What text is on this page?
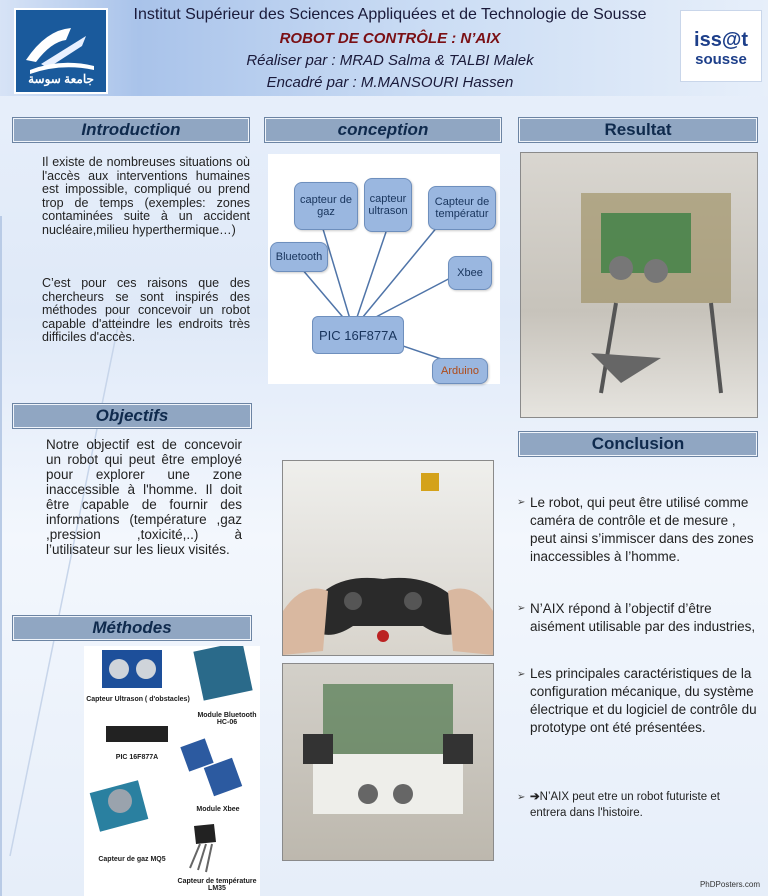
جامعة سوسة
Institut Supérieur des Sciences Appliquées et de Technologie de Sousse
ROBOT DE CONTRÔLE : N’AIX
Réaliser par : MRAD Salma & TALBI Malek
Encadré par : M.MANSOURI Hassen
iss@t
sousse
Introduction
Il existe de nombreuses situations où l'accès aux interventions humaines est impossible, compliqué ou prend trop de temps (exemples: zones contaminées suite à un accident nucléaire,milieu hyperthermique…)
C’est pour ces raisons que des chercheurs se sont inspirés des méthodes pour concevoir un robot capable d'atteindre les endroits très difficiles d'accès.
conception
capteur de gaz
capteur ultrason
Capteur de températur
Bluetooth
Xbee
PIC 16F877A
Arduino
Resultat
Objectifs
Notre objectif est de concevoir un robot qui peut être employé pour explorer une zone inaccessible à l'homme. Il doit être capable de fournir des informations (température ,gaz ,pression ,toxicité,..) à l’utilisateur sur les lieux visités.
Conclusion
➢ Le robot, qui peut être utilisé comme caméra de contrôle et de mesure , peut ainsi s’immiscer dans des zones inaccessibles à l’homme.
➢ N’AIX répond à l’objectif d’être aisément utilisable par des industries,
➢ Les principales caractéristiques de la configuration mécanique, du système électrique et du logiciel de contrôle du prototype ont été présentées.
➢ ➔N’AIX peut etre un robot futuriste et entrera dans l'histoire.
Méthodes
Capteur Ultrason ( d'obstacles)
Module Bluetooth HC-06
PIC 16F877A
Module Xbee
Capteur de gaz MQ5
Capteur de température LM35	PhDPosters.com
